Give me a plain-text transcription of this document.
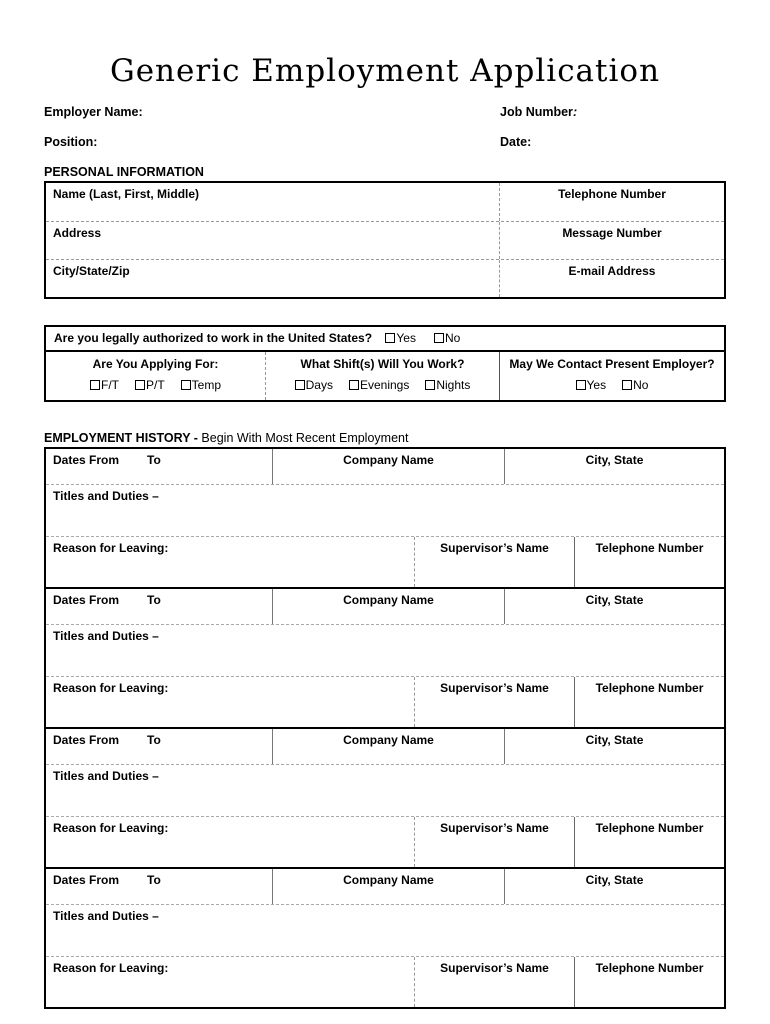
Generic Employment Application
Employer Name:	Job Number:
Position:	Date:
PERSONAL INFORMATION
Name (Last, First, Middle)	Telephone Number
Address	Message Number
City/State/Zip	E-mail Address
Are you legally authorized to work in the United States?	Yes	No
Are You Applying For:
F/T	P/T	Temp
What Shift(s) Will You Work?
Days	Evenings	Nights
May We Contact Present Employer?
Yes	No
EMPLOYMENT HISTORY - Begin With Most Recent Employment
Dates From To	Company Name	City, State
Titles and Duties –
Reason for Leaving:	Supervisor’s Name	Telephone Number
Dates From To	Company Name	City, State
Titles and Duties –
Reason for Leaving:	Supervisor’s Name	Telephone Number
Dates From To	Company Name	City, State
Titles and Duties –
Reason for Leaving:	Supervisor’s Name	Telephone Number
Dates From To	Company Name	City, State
Titles and Duties –
Reason for Leaving:	Supervisor’s Name	Telephone Number
